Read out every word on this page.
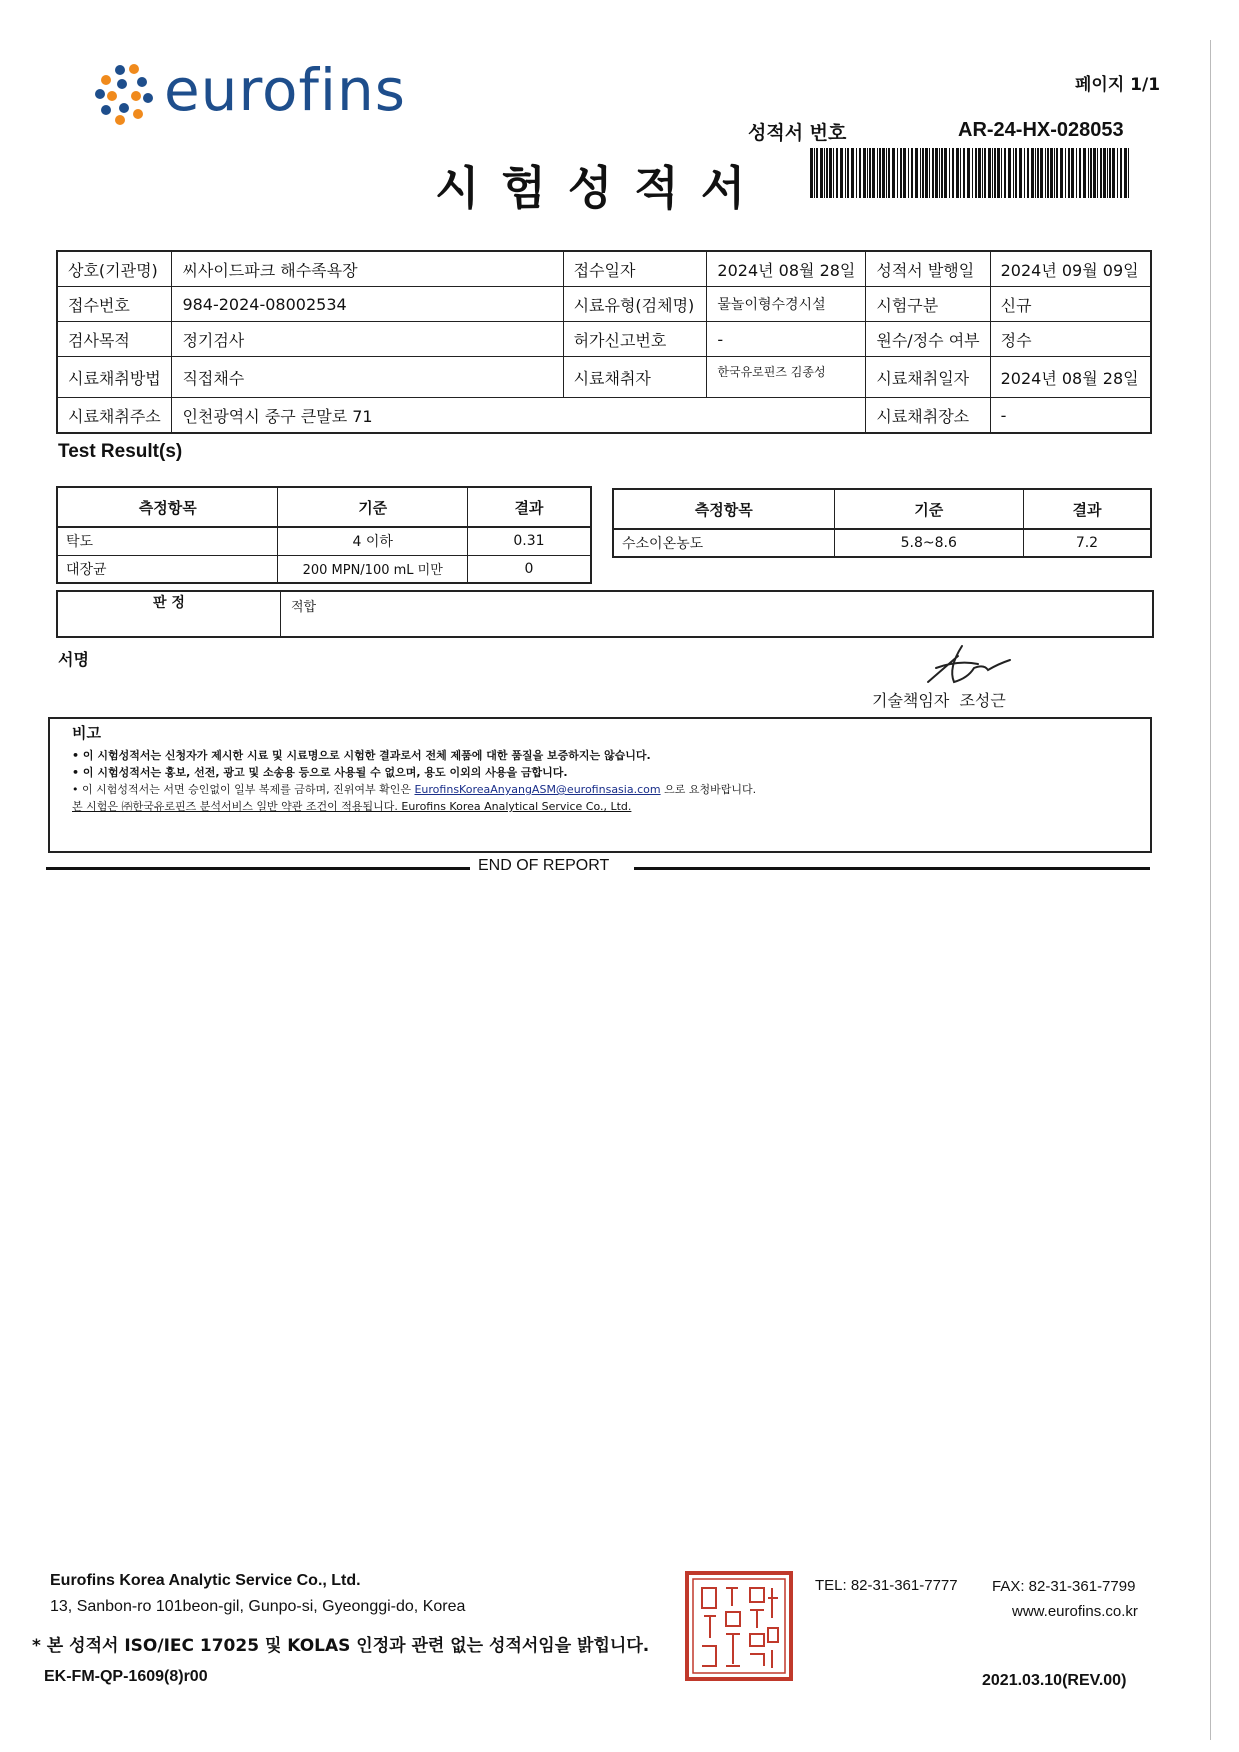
eurofins	페이지 1/1
성적서 번호	AR-24-HX-028053
시험성적서
상호(기관명)	씨사이드파크 해수족욕장	접수일자	2024년 08월 28일	성적서 발행일	2024년 09월 09일
접수번호	984-2024-08002534	시료유형(검체명)	물놀이형수경시설	시험구분	신규
검사목적	정기검사	허가신고번호	-	원수/정수 여부	정수
시료채취방법	직접채수	시료채취자	한국유로핀즈 김종성	시료채취일자	2024년 08월 28일
시료채취주소	인천광역시 중구 큰말로 71			시료채취장소	-
Test Result(s)
측정항목	기준	결과
탁도	4 이하	0.31
대장균	200 MPN/100 mL 미만	0
측정항목	기준	결과
수소이온농도	5.8~8.6	7.2
판 정	적합
서명
기술책임자 조성근
비고
• 이 시험성적서는 신청자가 제시한 시료 및 시료명으로 시험한 결과로서 전체 제품에 대한 품질을 보증하지는 않습니다.
• 이 시험성적서는 홍보, 선전, 광고 및 소송용 등으로 사용될 수 없으며, 용도 이외의 사용을 금합니다.
• 이 시험성적서는 서면 승인없이 일부 복제를 금하며, 진위여부 확인은 EurofinsKoreaAnyangASM@eurofinsasia.com 으로 요청바랍니다.
본 시험은 ㈜한국유로핀즈 분석서비스 일반 약관 조건이 적용됩니다. Eurofins Korea Analytical Service Co., Ltd.
END OF REPORT
Eurofins Korea Analytic Service Co., Ltd.
13, Sanbon-ro 101beon-gil, Gunpo-si, Gyeonggi-do, Korea
* 본 성적서 ISO/IEC 17025 및 KOLAS 인정과 관련 없는 성적서임을 밝힙니다.
EK-FM-QP-1609(8)r00
TEL: 82-31-361-7777 FAX: 82-31-361-7799
www.eurofins.co.kr
2021.03.10(REV.00)
